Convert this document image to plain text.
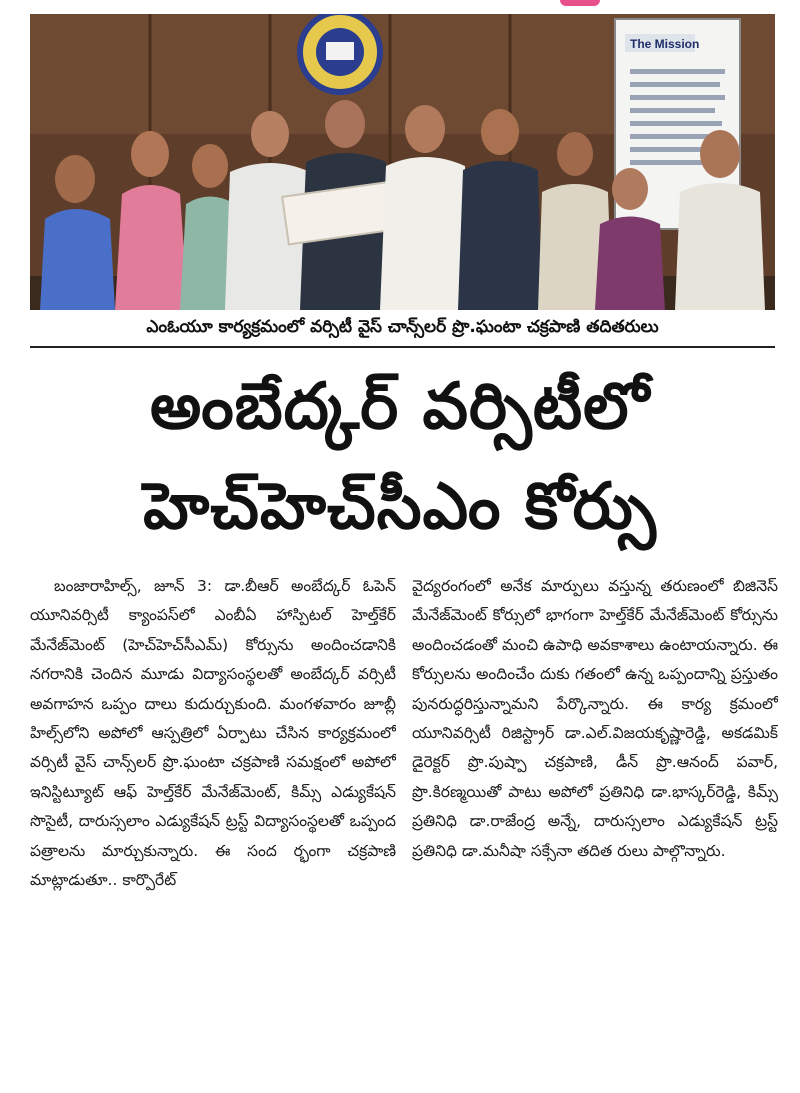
The Mission
ఎంఓయూ కార్యక్రమంలో వర్సిటీ వైస్ చాన్స్‌లర్ ప్రొ.ఘంటా చక్రపాణి తదితరులు
అంబేద్కర్ వర్సిటీలో
హెచ్‌హెచ్‌సీఎం కోర్సు

బంజారాహిల్స్, జూన్ 3: డా.బీఆర్ అంబేద్కర్ ఓపెన్ యూనివర్సిటీ క్యాంపస్‌లో ఎంబీఏ హాస్పిటల్ హెల్త్‌కేర్ మేనేజ్‌మెంట్ (హెచ్‌హెచ్‌సీఎమ్) కోర్సును అందించడానికి నగరానికి చెందిన మూడు విద్యాసంస్థలతో అంబేద్కర్ వర్సిటీ అవగాహన ఒప్పం దాలు కుదుర్చుకుంది. మంగళవారం జూబ్లీ హిల్స్‌లోని అపోలో ఆస్పత్రిలో ఏర్పాటు చేసిన కార్యక్రమంలో వర్సిటీ వైస్ చాన్స్‌లర్ ప్రొ.ఘంటా చక్రపాణి సమక్షంలో అపోలో ఇనిస్టిట్యూట్ ఆఫ్ హెల్త్‌కేర్ మేనేజ్‌మెంట్, కిమ్స్ ఎడ్యుకేషన్ సొసైటీ, దారుస్సలాం ఎడ్యుకేషన్ ట్రస్ట్ విద్యాసంస్థలతో ఒప్పంద పత్రాలను మార్చుకున్నారు. ఈ సంద ర్భంగా చక్రపాణి మాట్లాడుతూ.. కార్పొరేట్

వైద్యరంగంలో అనేక మార్పులు వస్తున్న తరుణంలో బిజినెస్ మేనేజ్‌మెంట్ కోర్సులో భాగంగా హెల్త్‌కేర్ మేనేజ్‌మెంట్ కోర్సును అందించడంతో మంచి ఉపాధి అవకాశాలు ఉంటాయన్నారు. ఈ కోర్సులను అందించేం దుకు గతంలో ఉన్న ఒప్పందాన్ని ప్రస్తుతం పునరుద్ధరిస్తున్నామని పేర్కొన్నారు. ఈ కార్య క్రమంలో యూనివర్సిటీ రిజిస్ట్రార్ డా.ఎల్.విజయకృష్ణారెడ్డి, అకడమిక్ డైరెక్టర్ ప్రొ.పుష్పా చక్రపాణి, డీన్ ప్రొ.ఆనంద్ పవార్, ప్రొ.కిరణ్మయితో పాటు అపోలో ప్రతినిధి డా.భాస్కర్‌రెడ్డి, కిమ్స్ ప్రతినిధి డా.రాజేంద్ర అన్నే, దారుస్సలాం ఎడ్యుకేషన్ ట్రస్ట్ ప్రతినిధి డా.మనీషా సక్సేనా తదిత రులు పాల్గొన్నారు.
